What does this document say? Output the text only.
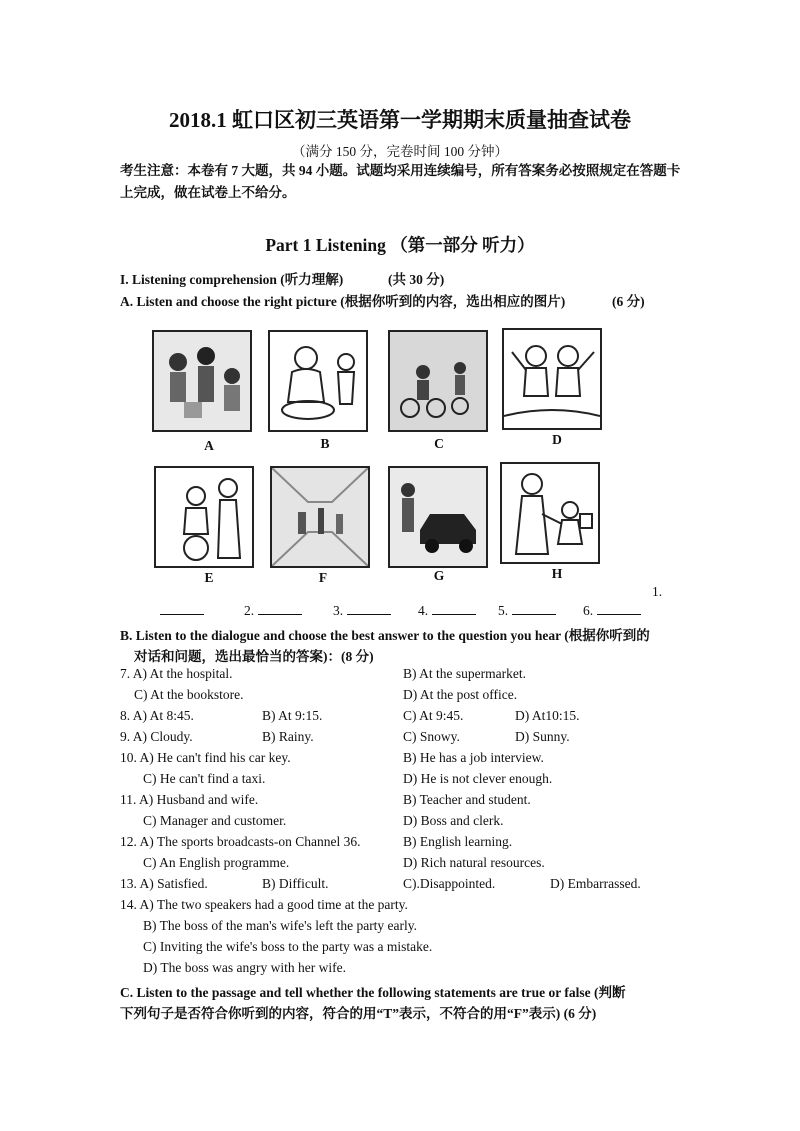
2018.1 虹口区初三英语第一学期期末质量抽查试卷
（满分 150 分，完卷时间 100 分钟）
考生注意：本卷有 7 大题，共 94 小题。试题均采用连续编号，所有答案务必按照规定在答题卡上完成，做在试卷上不给分。
Part 1 Listening （第一部分 听力）
I. Listening comprehension (听力理解)	(共 30 分)
A. Listen and choose the right picture (根据你听到的内容，选出相应的图片)	(6 分)
A	B	C	D
E	F	G	H
1.
2.	3.	4.	5.	6.
B. Listen to the dialogue and choose the best answer to the question you hear (根据你听到的
对话和问题，选出最恰当的答案)：(8 分)
7. A) At the hospital.	B) At the supermarket.
C) At the bookstore.	D) At the post office.
8. A) At 8:45.	B) At 9:15.	C) At 9:45.	D) At10:15.
9. A) Cloudy.	B) Rainy.	C) Snowy.	D) Sunny.
10. A) He can't find his car key.	B) He has a job interview.
C) He can't find a taxi.	D) He is not clever enough.
11. A) Husband and wife.	B) Teacher and student.
C) Manager and customer.	D) Boss and clerk.
12. A) The sports broadcasts-on Channel 36.	B) English learning.
C) An English programme.	D) Rich natural resources.
13. A) Satisfied.	B) Difficult.	C).Disappointed.	D) Embarrassed.
14. A) The two speakers had a good time at the party.
B) The boss of the man's wife's left the party early.
C) Inviting the wife's boss to the party was a mistake.
D) The boss was angry with her wife.
C. Listen to the passage and tell whether the following statements are true or false (判断
下列句子是否符合你听到的内容，符合的用“T”表示，不符合的用“F”表示) (6 分)
